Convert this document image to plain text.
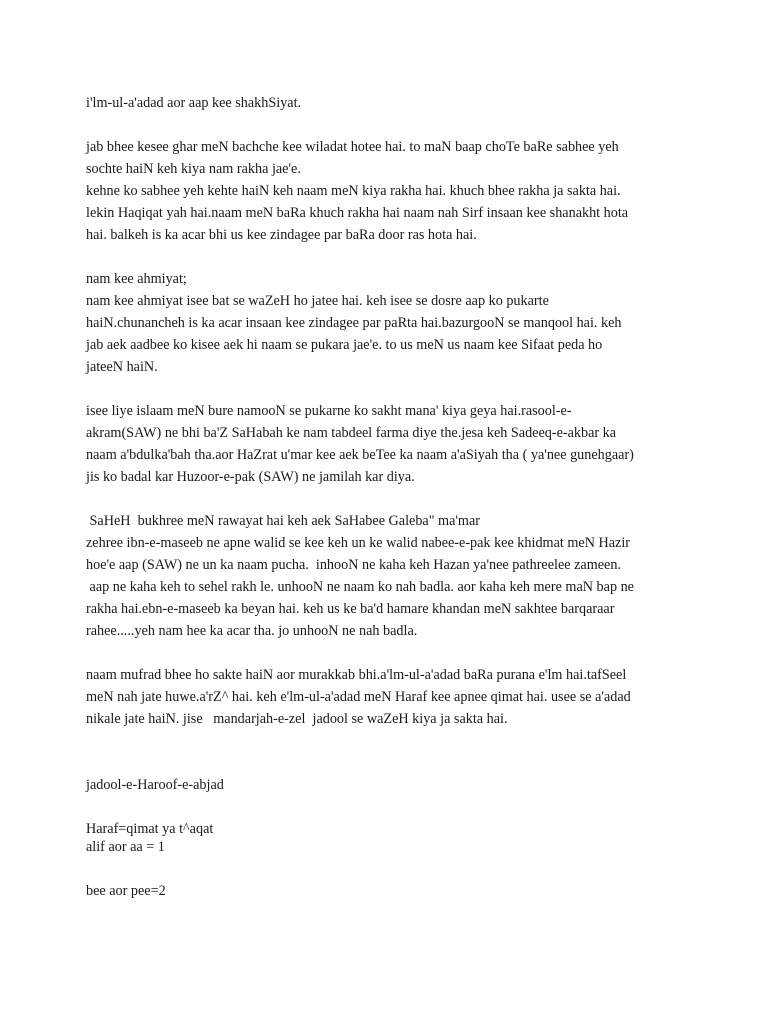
i'lm-ul-a'adad aor aap kee shakhSiyat.
jab bhee kesee ghar meN bachche kee wiladat hotee hai. to maN baap choTe baRe sabhee yeh
sochte haiN keh kiya nam rakha jae'e.
kehne ko sabhee yeh kehte haiN keh naam meN kiya rakha hai. khuch bhee rakha ja sakta hai.
lekin Haqiqat yah hai.naam meN baRa khuch rakha hai naam nah Sirf insaan kee shanakht hota
hai. balkeh is ka acar bhi us kee zindagee par baRa door ras hota hai.
nam kee ahmiyat;
nam kee ahmiyat isee bat se waZeH ho jatee hai. keh isee se dosre aap ko pukarte
haiN.chunancheh is ka acar insaan kee zindagee par paRta hai.bazurgooN se manqool hai. keh
jab aek aadbee ko kisee aek hi naam se pukara jae'e. to us meN us naam kee Sifaat peda ho
jateeN haiN.
isee liye islaam meN bure namooN se pukarne ko sakht mana' kiya geya hai.rasool-e-
akram(SAW) ne bhi ba'Z SaHabah ke nam tabdeel farma diye the.jesa keh Sadeeq-e-akbar ka
naam a'bdulka'bah tha.aor HaZrat u'mar kee aek beTee ka naam a'aSiyah tha ( ya'nee gunehgaar)
jis ko badal kar Huzoor-e-pak (SAW) ne jamilah kar diya.
SaHeH  bukhree meN rawayat hai keh aek SaHabee Galeba" ma'mar
zehree ibn-e-maseeb ne apne walid se kee keh un ke walid nabee-e-pak kee khidmat meN Hazir
hoe'e aap (SAW) ne un ka naam pucha.  inhooN ne kaha keh Hazan ya'nee pathreelee zameen.
aap ne kaha keh to sehel rakh le. unhooN ne naam ko nah badla. aor kaha keh mere maN bap ne
rakha hai.ebn-e-maseeb ka beyan hai. keh us ke ba'd hamare khandan meN sakhtee barqaraar
rahee.....yeh nam hee ka acar tha. jo unhooN ne nah badla.
naam mufrad bhee ho sakte haiN aor murakkab bhi.a'lm-ul-a'adad baRa purana e'lm hai.tafSeel
meN nah jate huwe.a'rZ^ hai. keh e'lm-ul-a'adad meN Haraf kee apnee qimat hai. usee se a'adad
nikale jate haiN. jise   mandarjah-e-zel  jadool se waZeH kiya ja sakta hai.
jadool-e-Haroof-e-abjad
Haraf=qimat ya t^aqat
alif aor aa = 1
bee aor pee=2
